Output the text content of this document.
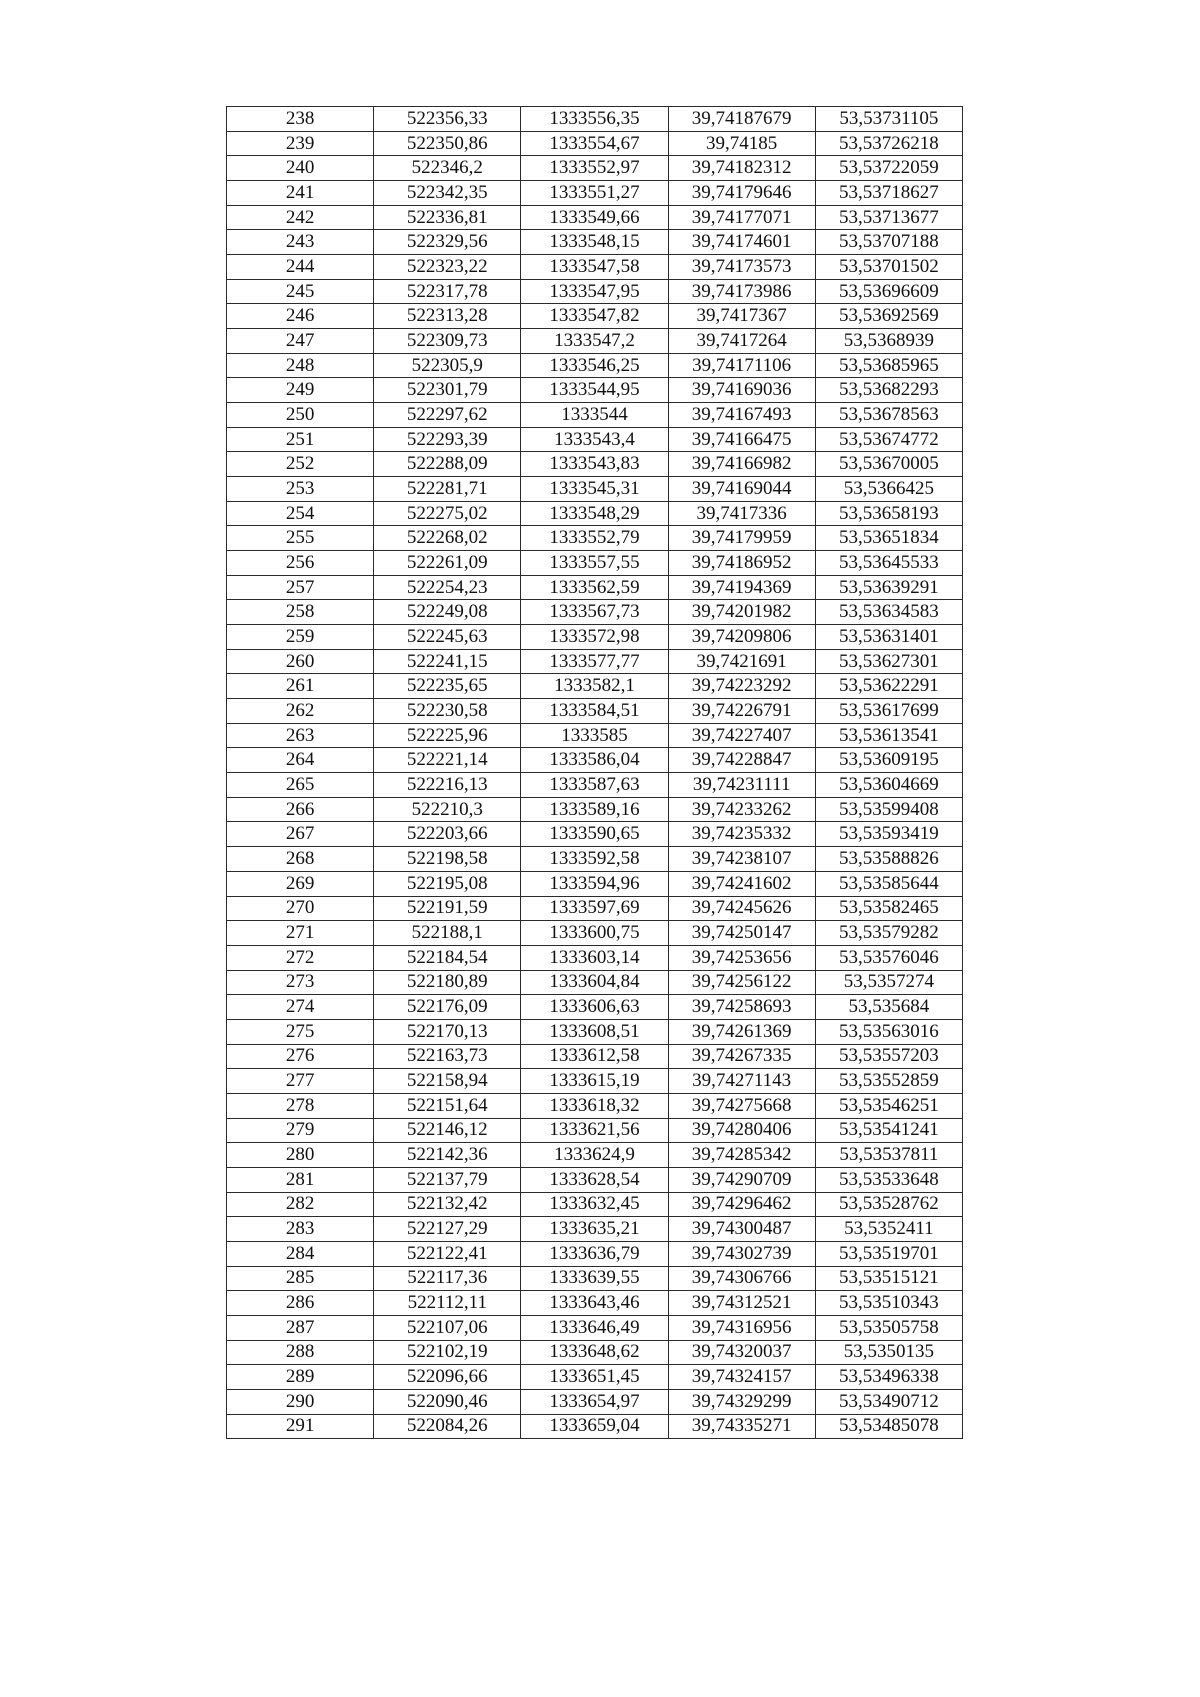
238	522356,33	1333556,35	39,74187679	53,53731105
239	522350,86	1333554,67	39,74185	53,53726218
240	522346,2	1333552,97	39,74182312	53,53722059
241	522342,35	1333551,27	39,74179646	53,53718627
242	522336,81	1333549,66	39,74177071	53,53713677
243	522329,56	1333548,15	39,74174601	53,53707188
244	522323,22	1333547,58	39,74173573	53,53701502
245	522317,78	1333547,95	39,74173986	53,53696609
246	522313,28	1333547,82	39,7417367	53,53692569
247	522309,73	1333547,2	39,7417264	53,5368939
248	522305,9	1333546,25	39,74171106	53,53685965
249	522301,79	1333544,95	39,74169036	53,53682293
250	522297,62	1333544	39,74167493	53,53678563
251	522293,39	1333543,4	39,74166475	53,53674772
252	522288,09	1333543,83	39,74166982	53,53670005
253	522281,71	1333545,31	39,74169044	53,5366425
254	522275,02	1333548,29	39,7417336	53,53658193
255	522268,02	1333552,79	39,74179959	53,53651834
256	522261,09	1333557,55	39,74186952	53,53645533
257	522254,23	1333562,59	39,74194369	53,53639291
258	522249,08	1333567,73	39,74201982	53,53634583
259	522245,63	1333572,98	39,74209806	53,53631401
260	522241,15	1333577,77	39,7421691	53,53627301
261	522235,65	1333582,1	39,74223292	53,53622291
262	522230,58	1333584,51	39,74226791	53,53617699
263	522225,96	1333585	39,74227407	53,53613541
264	522221,14	1333586,04	39,74228847	53,53609195
265	522216,13	1333587,63	39,74231111	53,53604669
266	522210,3	1333589,16	39,74233262	53,53599408
267	522203,66	1333590,65	39,74235332	53,53593419
268	522198,58	1333592,58	39,74238107	53,53588826
269	522195,08	1333594,96	39,74241602	53,53585644
270	522191,59	1333597,69	39,74245626	53,53582465
271	522188,1	1333600,75	39,74250147	53,53579282
272	522184,54	1333603,14	39,74253656	53,53576046
273	522180,89	1333604,84	39,74256122	53,5357274
274	522176,09	1333606,63	39,74258693	53,535684
275	522170,13	1333608,51	39,74261369	53,53563016
276	522163,73	1333612,58	39,74267335	53,53557203
277	522158,94	1333615,19	39,74271143	53,53552859
278	522151,64	1333618,32	39,74275668	53,53546251
279	522146,12	1333621,56	39,74280406	53,53541241
280	522142,36	1333624,9	39,74285342	53,53537811
281	522137,79	1333628,54	39,74290709	53,53533648
282	522132,42	1333632,45	39,74296462	53,53528762
283	522127,29	1333635,21	39,74300487	53,5352411
284	522122,41	1333636,79	39,74302739	53,53519701
285	522117,36	1333639,55	39,74306766	53,53515121
286	522112,11	1333643,46	39,74312521	53,53510343
287	522107,06	1333646,49	39,74316956	53,53505758
288	522102,19	1333648,62	39,74320037	53,5350135
289	522096,66	1333651,45	39,74324157	53,53496338
290	522090,46	1333654,97	39,74329299	53,53490712
291	522084,26	1333659,04	39,74335271	53,53485078
